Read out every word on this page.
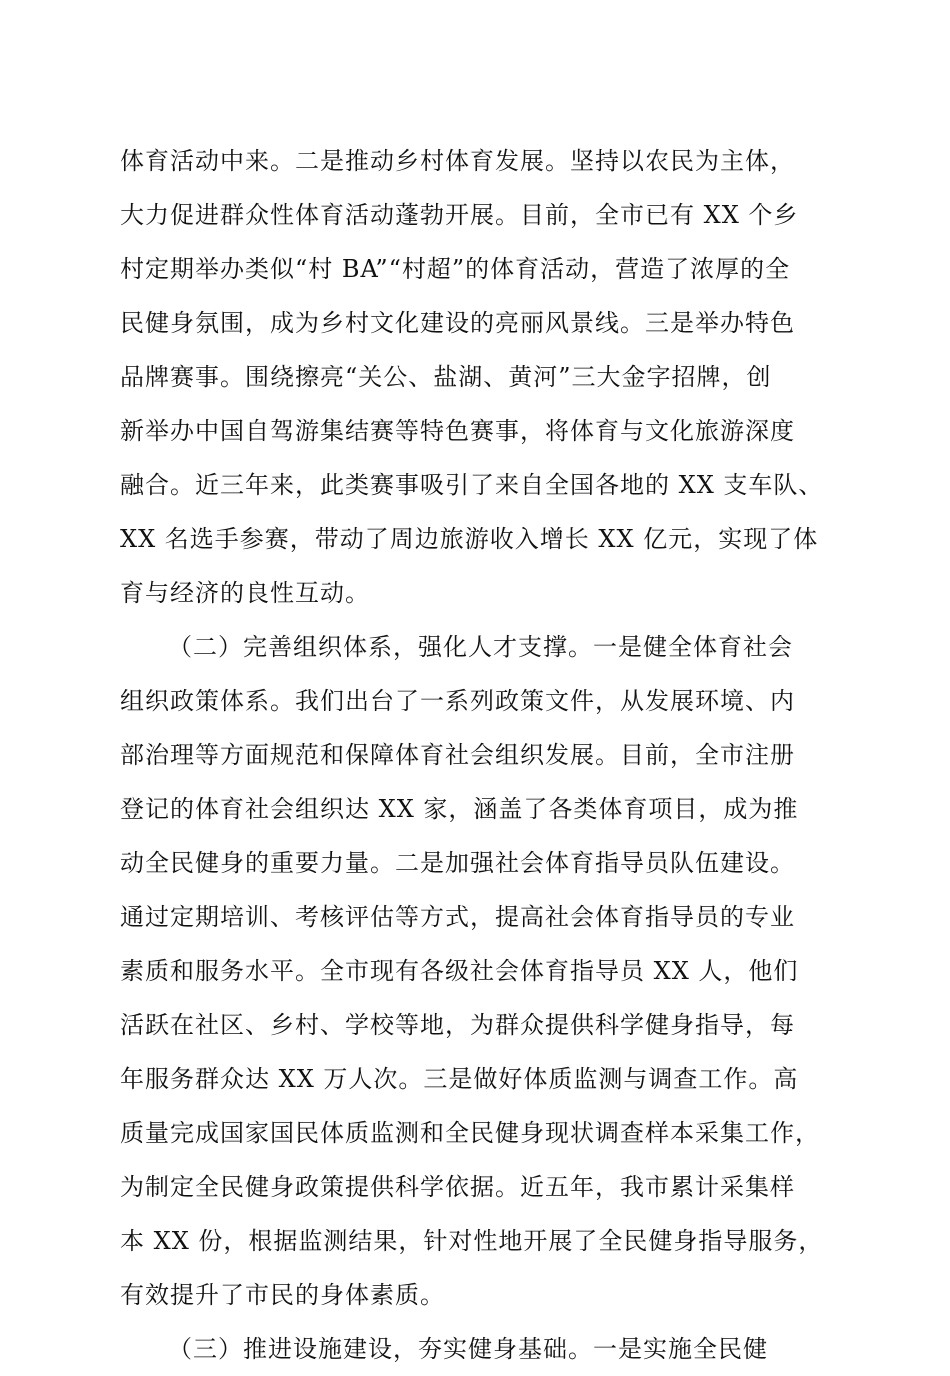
体育活动中来。二是推动乡村体育发展。坚持以农民为主体，
大力促进群众性体育活动蓬勃开展。目前，全市已有 XX 个乡
村定期举办类似“村 BA”“村超”的体育活动，营造了浓厚的全
民健身氛围，成为乡村文化建设的亮丽风景线。三是举办特色
品牌赛事。围绕擦亮“关公、盐湖、黄河”三大金字招牌，创
新举办中国自驾游集结赛等特色赛事，将体育与文化旅游深度
融合。近三年来，此类赛事吸引了来自全国各地的 XX 支车队、
XX 名选手参赛，带动了周边旅游收入增长 XX 亿元，实现了体
育与经济的良性互动。
（二）完善组织体系，强化人才支撑。一是健全体育社会
组织政策体系。我们出台了一系列政策文件，从发展环境、内
部治理等方面规范和保障体育社会组织发展。目前，全市注册
登记的体育社会组织达 XX 家，涵盖了各类体育项目，成为推
动全民健身的重要力量。二是加强社会体育指导员队伍建设。
通过定期培训、考核评估等方式，提高社会体育指导员的专业
素质和服务水平。全市现有各级社会体育指导员 XX 人，他们
活跃在社区、乡村、学校等地，为群众提供科学健身指导，每
年服务群众达 XX 万人次。三是做好体质监测与调查工作。高
质量完成国家国民体质监测和全民健身现状调查样本采集工作，
为制定全民健身政策提供科学依据。近五年，我市累计采集样
本 XX 份，根据监测结果，针对性地开展了全民健身指导服务，
有效提升了市民的身体素质。
（三）推进设施建设，夯实健身基础。一是实施全民健
